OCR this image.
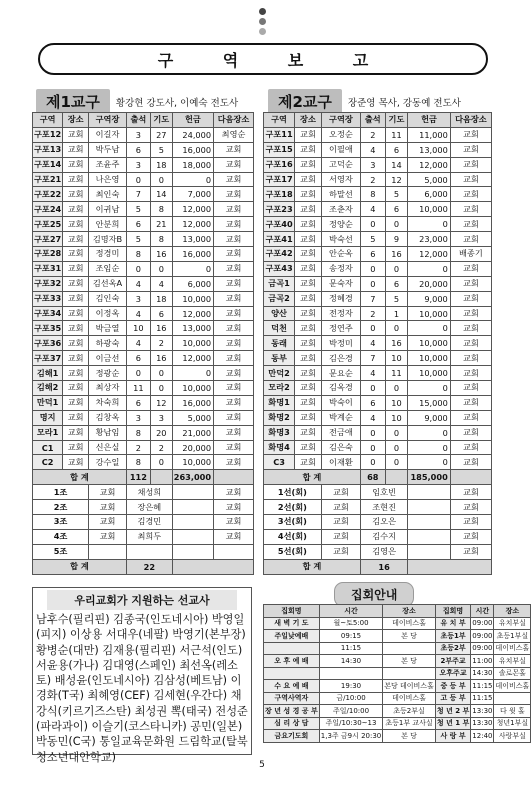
구 역 보 고
제1교구	황강현 강도사, 이예숙 전도사	제2교구	장준영 목사, 강동예 전도사
구역	장소	구역장	출석	기도	헌금	다음장소
구포12	교회	이길자	3	27	24,000	최영순
구포13	교회	박두남	6	5	16,000	교회
구포14	교회	조윤주	3	18	18,000	교회
구포21	교회	나은영	0	0	0	교회
구포22	교회	최인숙	7	14	7,000	교회
구포24	교회	이귀남	5	8	12,000	교회
구포25	교회	안분희	6	21	12,000	교회
구포27	교회	김명자B	5	8	13,000	교회
구포28	교회	정경미	8	16	16,000	교회
구포31	교회	조임순	0	0	0	교회
구포32	교회	김선옥A	4	4	6,000	교회
구포33	교회	김인숙	3	18	10,000	교회
구포34	교회	이정옥	4	6	12,000	교회
구포35	교회	박금열	10	16	13,000	교회
구포36	교회	하광숙	4	2	10,000	교회
구포37	교회	이금선	6	16	12,000	교회
김해1	교회	정광순	0	0	0	교회
김해2	교회	최상자	11	0	10,000	교회
만덕1	교회	차숙희	6	12	16,000	교회
명지	교회	김창옥	3	3	5,000	교회
모라1	교회	황남임	8	20	21,000	교회
C1	교회	신은실	2	2	20,000	교회
C2	교회	강수일	8	0	10,000	교회
합 계			112		263,000	
1조		교회	채성희			교회
2조		교회	장은혜			교회
3조		교회	김경민			교회
4조		교회	최희두			교회
5조						
합 계			22			
구역	장소	구역장	출석	기도	헌금	다음장소
구포11	교회	오정순	2	11	11,000	교회
구포15	교회	이필애	4	6	13,000	교회
구포16	교회	고덕순	3	14	12,000	교회
구포17	교회	서영자	2	12	5,000	교회
구포18	교회	하말선	8	5	6,000	교회
구포23	교회	조춘자	4	6	10,000	교회
구포40	교회	정양순	0	0	0	교회
구포41	교회	박숙선	5	9	23,000	교회
구포42	교회	안순옥	6	16	12,000	배종기
구포43	교회	송정자	0	0	0	교회
금곡1	교회	문숙자	0	6	20,000	교회
금곡2	교회	정혜경	7	5	9,000	교회
양산	교회	전정자	2	1	10,000	교회
덕천	교회	정연주	0	0	0	교회
동래	교회	박정미	4	16	10,000	교회
동부	교회	김은경	7	10	10,000	교회
만덕2	교회	문요순	4	11	10,000	교회
모라2	교회	김옥경	0	0	0	교회
화명1	교회	박숙이	6	10	15,000	교회
화명2	교회	박계순	4	10	9,000	교회
화명3	교회	전금애	0	0	0	교회
화명4	교회	김은숙	0	0	0	교회
C3	교회	이재환	0	0	0	교회
합 계			68		185,000	
1선(회)		교회	임호빈			교회
2선(회)		교회	조현진			교회
3선(회)		교회	김오은			교회
4선(회)		교회	김수지			교회
5선(회)		교회	김영은			교회
합 계			16			
우리교회가 지원하는 선교사
남후수(필리핀) 김종국(인도네시아) 박영일(피지) 이상용 서대우(네팔) 박영기(본부장) 황병순(대만) 김재용(필리핀) 서근석(인도) 서윤용(가나) 김대영(스페인) 최선옥(레소토) 배성윤(인도네시아) 김삼성(베트남) 이경화(T국) 최혜영(CEF) 김세현(우간다) 채강식(키르기즈스탄) 최성권 뽁(태국) 전성준(파라과이) 이슬기(코스타니카) 공민(일본) 박동민(C국) 통일교육문화원 드림학교(탈북청소년대안학교)
집회안내
집회명	시간	장소	집회명	시간	장소
새 벽 기 도	월~토5:00	데이비스홀	유 치 부	09:00	유치부실
주일낮예배	09:15	본 당	초등1부	09:00	초등1부실
	11:15		초등2부	09:00	데이비스홀
오 후 예 배	14:30	본 당	2부주교	11:00	유치부실
			오후주교	14:30	솔로몬홀
수 요 예 배	19:30	본당 데이비스홀	중 등 부	11:15	데이비스홀
구역사역자	금/10:00	데이비스홀	고 등 부	11:15	
장 년 성 경 공 부	주일/10:00	초등2부실	청 년 2 부	13:30	다 윗 홀
심 리 상 담	주일/10:30~13	초등1부 교사실	청 년 1 부	13:30	청년1부실
금요기도회	1,3주 금9시 20:30	본 당	사 랑 부	12:40	사랑부실
5
